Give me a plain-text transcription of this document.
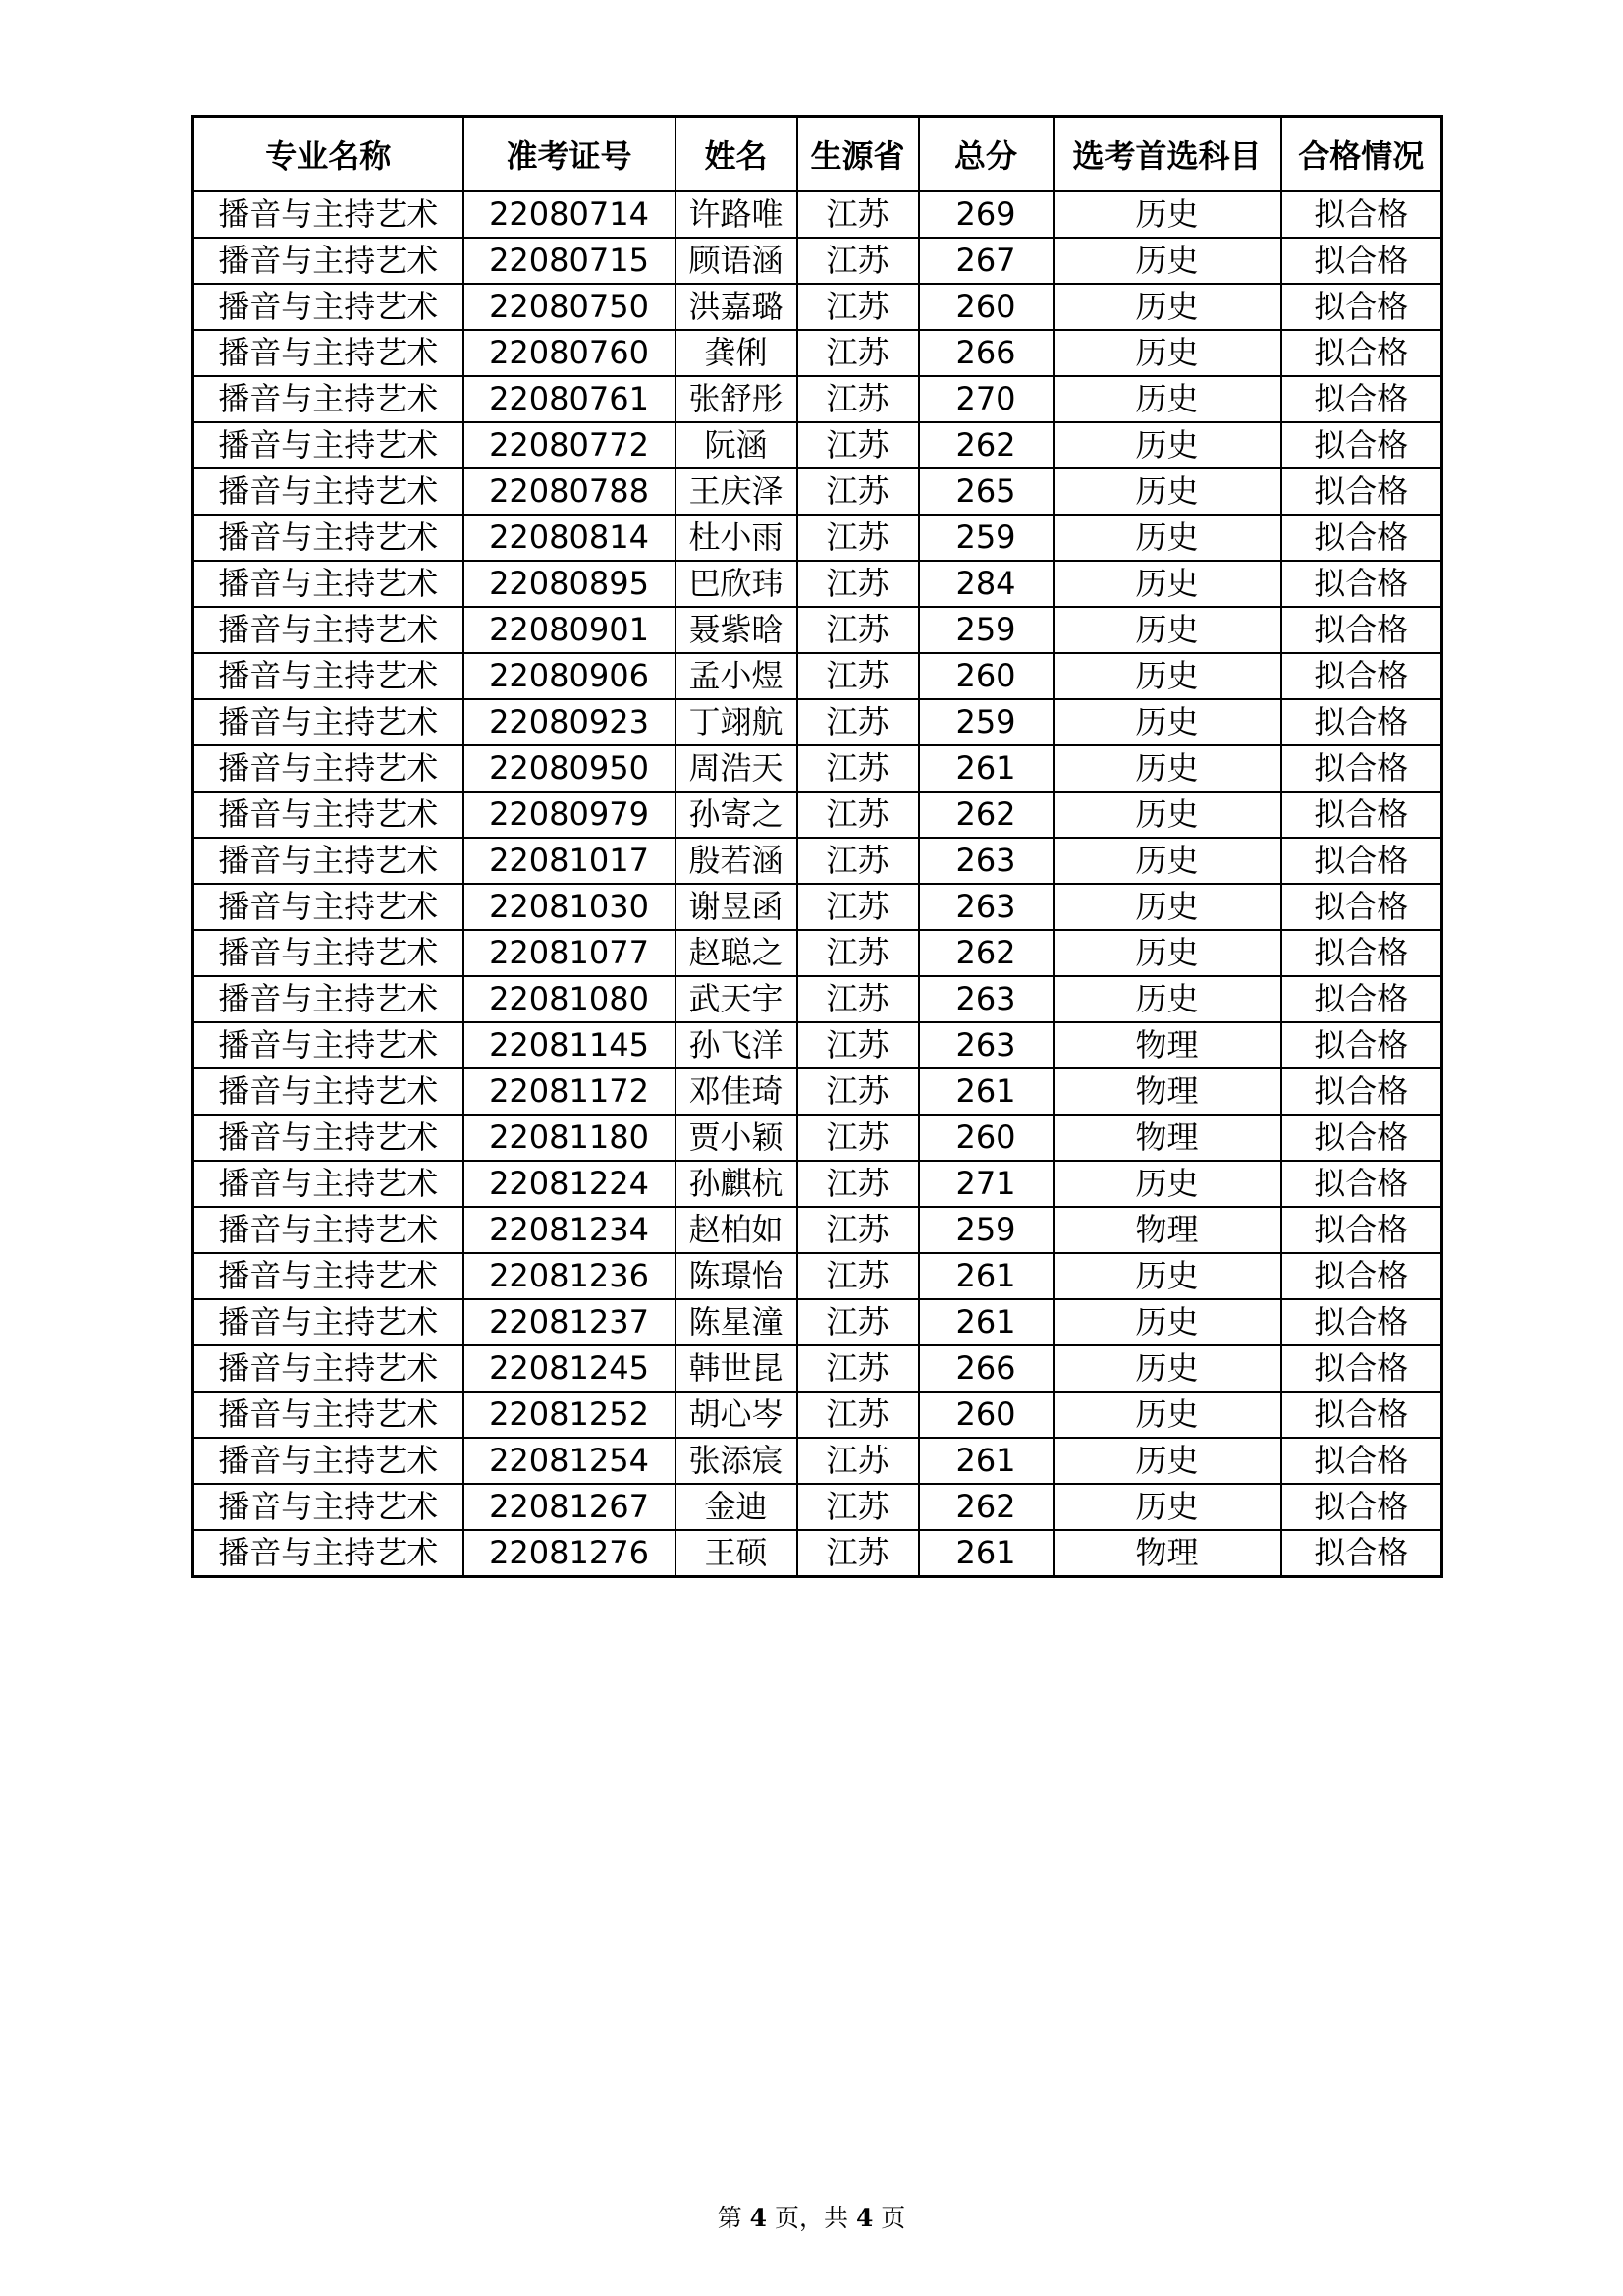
专业名称	准考证号	姓名	生源省	总分	选考首选科目	合格情况
播音与主持艺术	22080714	许路唯	江苏	269	历史	拟合格
播音与主持艺术	22080715	顾语涵	江苏	267	历史	拟合格
播音与主持艺术	22080750	洪嘉璐	江苏	260	历史	拟合格
播音与主持艺术	22080760	龚俐	江苏	266	历史	拟合格
播音与主持艺术	22080761	张舒彤	江苏	270	历史	拟合格
播音与主持艺术	22080772	阮涵	江苏	262	历史	拟合格
播音与主持艺术	22080788	王庆泽	江苏	265	历史	拟合格
播音与主持艺术	22080814	杜小雨	江苏	259	历史	拟合格
播音与主持艺术	22080895	巴欣玮	江苏	284	历史	拟合格
播音与主持艺术	22080901	聂紫晗	江苏	259	历史	拟合格
播音与主持艺术	22080906	孟小煜	江苏	260	历史	拟合格
播音与主持艺术	22080923	丁翊航	江苏	259	历史	拟合格
播音与主持艺术	22080950	周浩天	江苏	261	历史	拟合格
播音与主持艺术	22080979	孙寄之	江苏	262	历史	拟合格
播音与主持艺术	22081017	殷若涵	江苏	263	历史	拟合格
播音与主持艺术	22081030	谢昱函	江苏	263	历史	拟合格
播音与主持艺术	22081077	赵聪之	江苏	262	历史	拟合格
播音与主持艺术	22081080	武天宇	江苏	263	历史	拟合格
播音与主持艺术	22081145	孙飞洋	江苏	263	物理	拟合格
播音与主持艺术	22081172	邓佳琦	江苏	261	物理	拟合格
播音与主持艺术	22081180	贾小颖	江苏	260	物理	拟合格
播音与主持艺术	22081224	孙麒杭	江苏	271	历史	拟合格
播音与主持艺术	22081234	赵柏如	江苏	259	物理	拟合格
播音与主持艺术	22081236	陈璟怡	江苏	261	历史	拟合格
播音与主持艺术	22081237	陈星潼	江苏	261	历史	拟合格
播音与主持艺术	22081245	韩世昆	江苏	266	历史	拟合格
播音与主持艺术	22081252	胡心岑	江苏	260	历史	拟合格
播音与主持艺术	22081254	张添宸	江苏	261	历史	拟合格
播音与主持艺术	22081267	金迪	江苏	262	历史	拟合格
播音与主持艺术	22081276	王硕	江苏	261	物理	拟合格
第 4 页，共 4 页
